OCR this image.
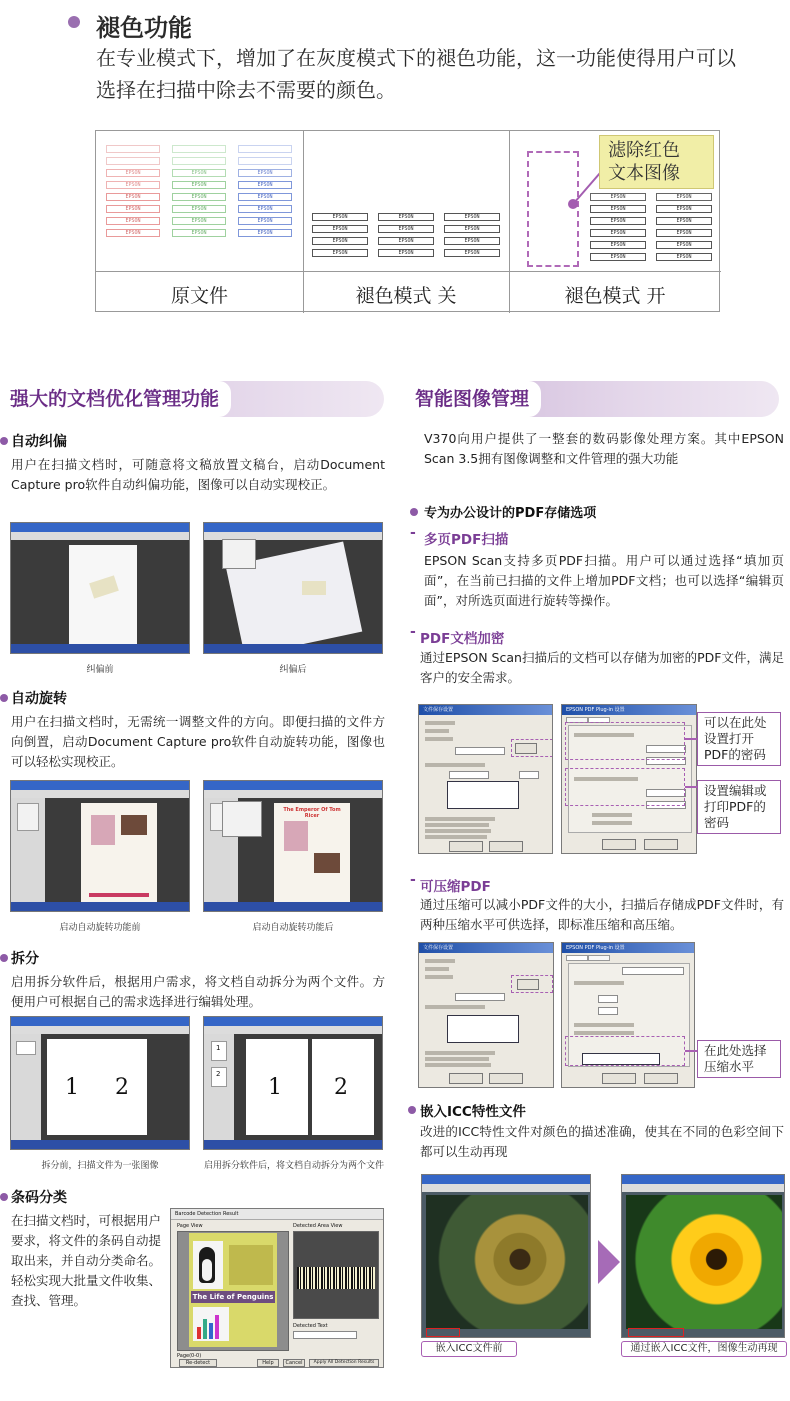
褪色功能
在专业模式下，增加了在灰度模式下的褪色功能，这一功能使得用户可以选择在扫描中除去不需要的颜色。
EPSON
EPSON
EPSON
EPSON
EPSON
EPSON
EPSON
EPSON
EPSON
EPSON
EPSON
EPSON
EPSON
EPSON
EPSON
EPSON
EPSON
EPSON
EPSON
EPSON
EPSON
EPSON
EPSON
EPSON
EPSON
EPSON
EPSON
EPSON
EPSON
EPSON
滤除红色
文本图像
EPSON
EPSON
EPSON
EPSON
EPSON
EPSON
EPSON
EPSON
EPSON
EPSON
EPSON
EPSON
原文件	褪色模式 关	褪色模式 开
强大的文档优化管理功能
自动纠偏
用户在扫描文档时，可随意将文稿放置文稿台，启动Document Capture pro软件自动纠偏功能，图像可以自动实现校正。
纠偏前	纠偏后
自动旋转
用户在扫描文档时，无需统一调整文件的方向。即便扫描的文件方向倒置，启动Document Capture pro软件自动旋转功能，图像也可以轻松实现校正。
The Emperor Of Tom Ricer
启动自动旋转功能前	启动自动旋转功能后
拆分
启用拆分软件后，根据用户需求，将文档自动拆分为两个文件。方便用户可根据自己的需求选择进行编辑处理。
1 2
1
2
1 2
拆分前，扫描文件为一张图像	启用拆分软件后，将文档自动拆分为两个文件
条码分类
在扫描文档时，可根据用户要求，将文件的条码自动提取出来，并自动分类命名。轻松实现大批量文件收集、查找、管理。
Barcode Detection Result
Page View	Detected Area View
The Life of Penguins
Detected Text
Page(0-0)
Re-detect	Help	Cancel	Apply All Detection Results
智能图像管理
V370向用户提供了一整套的数码影像处理方案。其中EPSON Scan 3.5拥有图像调整和文件管理的强大功能
专为办公设计的PDF存储选项
- 多页PDF扫描
EPSON Scan支持多页PDF扫描。用户可以通过选择“填加页面”，在当前已扫描的文件上增加PDF文档；也可以选择“编辑页面”，对所选页面进行旋转等操作。
- PDF文档加密
通过EPSON Scan扫描后的文档可以存储为加密的PDF文件，满足客户的安全需求。
文件保存设置	EPSON PDF Plug-in 设置
可以在此处设置打开PDF的密码
设置编辑或打印PDF的密码
- 可压缩PDF
通过压缩可以减小PDF文件的大小，扫描后存储成PDF文件时，有两种压缩水平可供选择，即标准压缩和高压缩。
文件保存设置	EPSON PDF Plug-in 设置
在此处选择压缩水平
嵌入ICC特性文件
改进的ICC特性文件对颜色的描述准确，使其在不同的色彩空间下都可以生动再现
嵌入ICC文件前	通过嵌入ICC文件，图像生动再现
